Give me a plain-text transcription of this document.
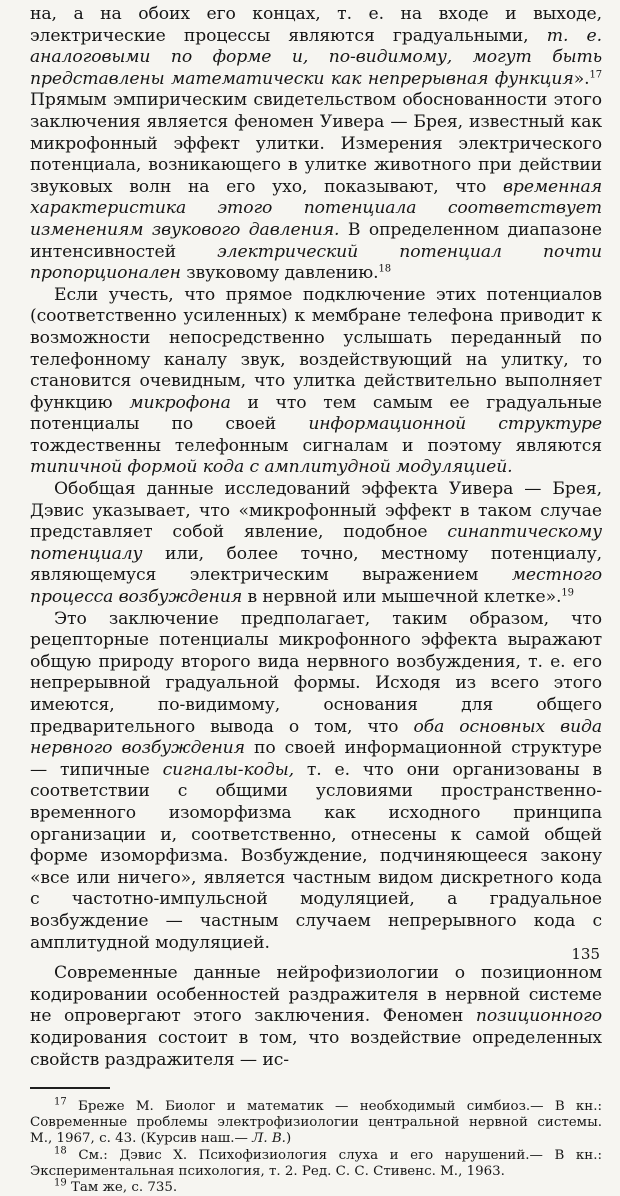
на, а на обоих его концах, т. е. на входе и выходе, электрические процессы являются градуальными, т. е. аналоговыми по форме и, по-видимому, могут быть представлены математически как непрерывная функция».$^{17}$ Прямым эмпирическим свидетельством обоснованности этого заключения является феномен Уивера — Брея, известный как микрофонный эффект улитки. Измерения электрического потенциала, возникающего в улитке животного при действии звуковых волн на его ухо, показывают, что временная характеристика этого потенциала соответствует изменениям звукового давления. В определенном диапазоне интенсивностей электрический потенциал почти пропорционален звуковому давлению.$^{18}$

Если учесть, что прямое подключение этих потенциалов (соответственно усиленных) к мембране телефона приводит к возможности непосредственно услышать переданный по телефонному каналу звук, воздействующий на улитку, то становится очевидным, что улитка действительно выполняет функцию микрофона и что тем самым ее градуальные потенциалы по своей информационной структуре тождественны телефонным сигналам и поэтому являются типичной формой кода с амплитудной модуляцией.

Обобщая данные исследований эффекта Уивера — Брея, Дэвис указывает, что «микрофонный эффект в таком случае представляет собой явление, подобное синаптическому потенциалу или, более точно, местному потенциалу, являющемуся электрическим выражением местного процесса возбуждения в нервной или мышечной клетке».$^{19}$

Это заключение предполагает, таким образом, что рецепторные потенциалы микрофонного эффекта выражают общую природу второго вида нервного возбуждения, т. е. его непрерывной градуальной формы. Исходя из всего этого имеются, по-видимому, основания для общего предварительного вывода о том, что оба основных вида нервного возбуждения по своей информационной структуре — типичные сигналы-коды, т. е. что они организованы в соответствии с общими условиями пространственно-временного изоморфизма как исходного принципа организации и, соответственно, отнесены к самой общей форме изоморфизма. Возбуждение, подчиняющееся закону «все или ничего», является частным видом дискретного кода с частотно-импульсной модуляцией, а градуальное возбуждение — частным случаем непрерывного кода с амплитудной модуляцией.

Современные данные нейрофизиологии о позиционном кодировании особенностей раздражителя в нервной системе не опровергают этого заключения. Феномен позиционного кодирования состоит в том, что воздействие определенных свойств раздражителя — ис-

$^{17}$ Бреже М. Биолог и математик — необходимый симбиоз.— В кн.: Современные проблемы электрофизиологии центральной нервной системы. М., 1967, с. 43. (Курсив наш.— Л. В.)

$^{18}$ См.: Дэвис Х. Психофизиология слуха и его нарушений.— В кн.: Экспериментальная психология, т. 2. Ред. С. С. Стивенс. М., 1963.

$^{19}$ Там же, с. 735.

135
